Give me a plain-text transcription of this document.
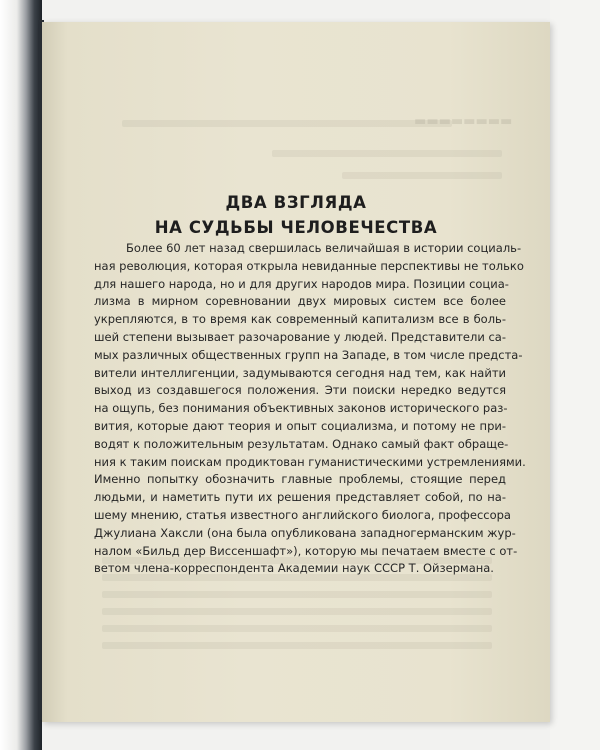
▬▬▬▬▬▬▬▬
ДВА ВЗГЛЯДА
НА СУДЬБЫ ЧЕЛОВЕЧЕСТВА
Более 60 лет назад свершилась величайшая в истории социаль-
ная революция, которая открыла невиданные перспективы не только
для нашего народа, но и для других народов мира. Позиции социа-
лизма в мирном соревновании двух мировых систем все более
укрепляются, в то время как современный капитализм все в боль-
шей степени вызывает разочарование у людей. Представители са-
мых различных общественных групп на Западе, в том числе предста-
вители интеллигенции, задумываются сегодня над тем, как найти
выход из создавшегося положения. Эти поиски нередко ведутся
на ощупь, без понимания объективных законов исторического раз-
вития, которые дают теория и опыт социализма, и потому не при-
водят к положительным результатам. Однако самый факт обраще-
ния к таким поискам продиктован гуманистическими устремлениями.
Именно попытку обозначить главные проблемы, стоящие перед
людьми, и наметить пути их решения представляет собой, по на-
шему мнению, статья известного английского биолога, профессора
Джулиана Хаксли (она была опубликована западногерманским жур-
налом «Бильд дер Виссеншафт»), которую мы печатаем вместе с от-
ветом члена-корреспондента Академии наук СССР Т. Ойзермана.
